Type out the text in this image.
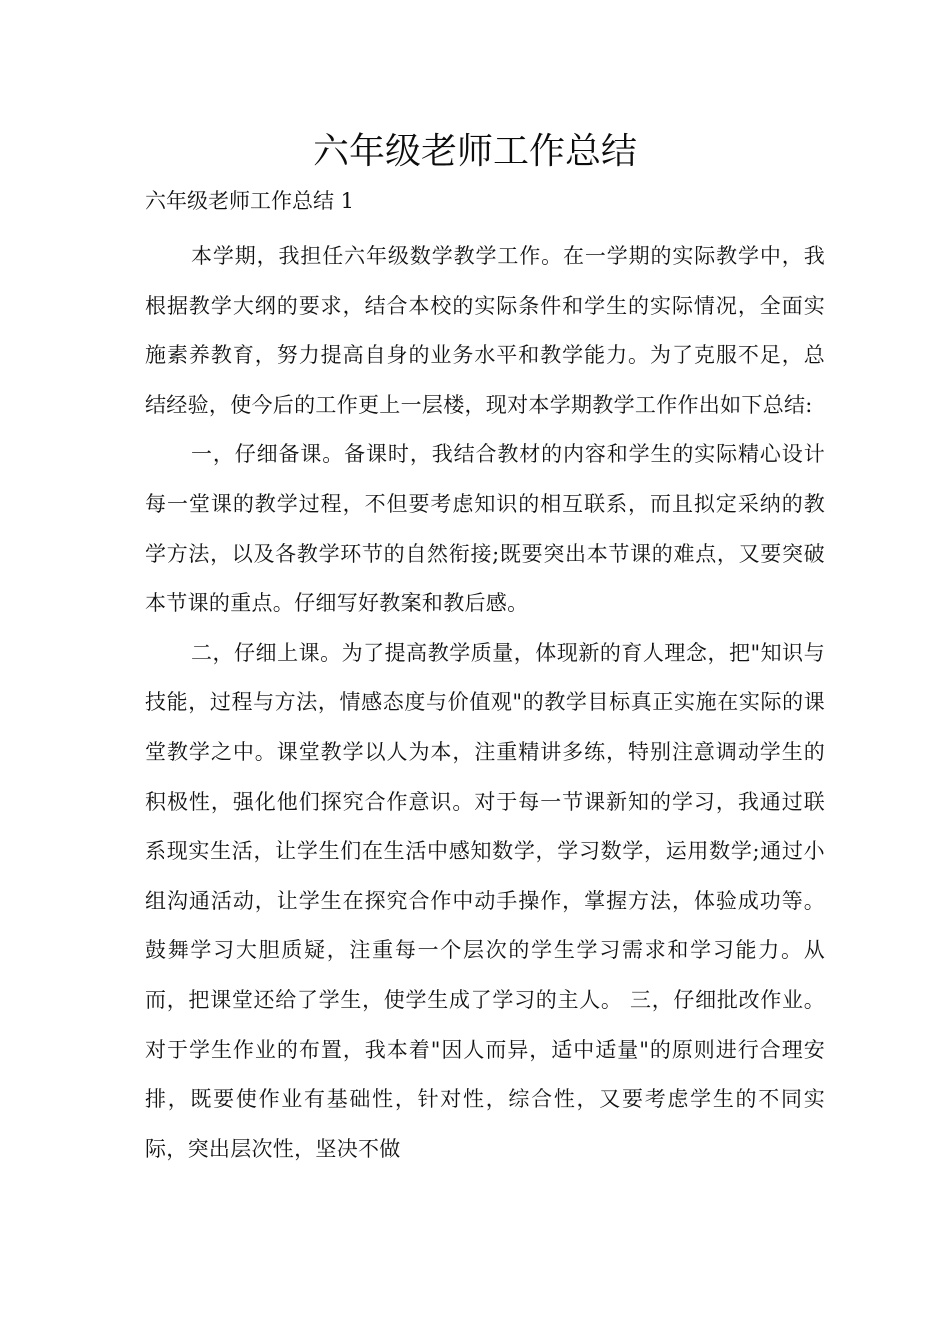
六年级老师工作总结

六年级老师工作总结 1

本学期，我担任六年级数学教学工作。在一学期的实际教学中，我根据教学大纲的要求，结合本校的实际条件和学生的实际情况，全面实施素养教育，努力提高自身的业务水平和教学能力。为了克服不足，总结经验，使今后的工作更上一层楼，现对本学期教学工作作出如下总结:

一，仔细备课。备课时，我结合教材的内容和学生的实际精心设计每一堂课的教学过程，不但要考虑知识的相互联系，而且拟定采纳的教学方法，以及各教学环节的自然衔接;既要突出本节课的难点，又要突破本节课的重点。仔细写好教案和教后感。

二，仔细上课。为了提高教学质量，体现新的育人理念，把"知识与技能，过程与方法，情感态度与价值观"的教学目标真正实施在实际的课堂教学之中。课堂教学以人为本，注重精讲多练，特别注意调动学生的积极性，强化他们探究合作意识。对于每一节课新知的学习，我通过联系现实生活，让学生们在生活中感知数学，学习数学，运用数学;通过小组沟通活动，让学生在探究合作中动手操作，掌握方法，体验成功等。鼓舞学习大胆质疑，注重每一个层次的学生学习需求和学习能力。从而，把课堂还给了学生，使学生成了学习的主人。 三，仔细批改作业。对于学生作业的布置，我本着"因人而异，适中适量"的原则进行合理安排，既要使作业有基础性，针对性，综合性，又要考虑学生的不同实际，突出层次性，坚决不做
